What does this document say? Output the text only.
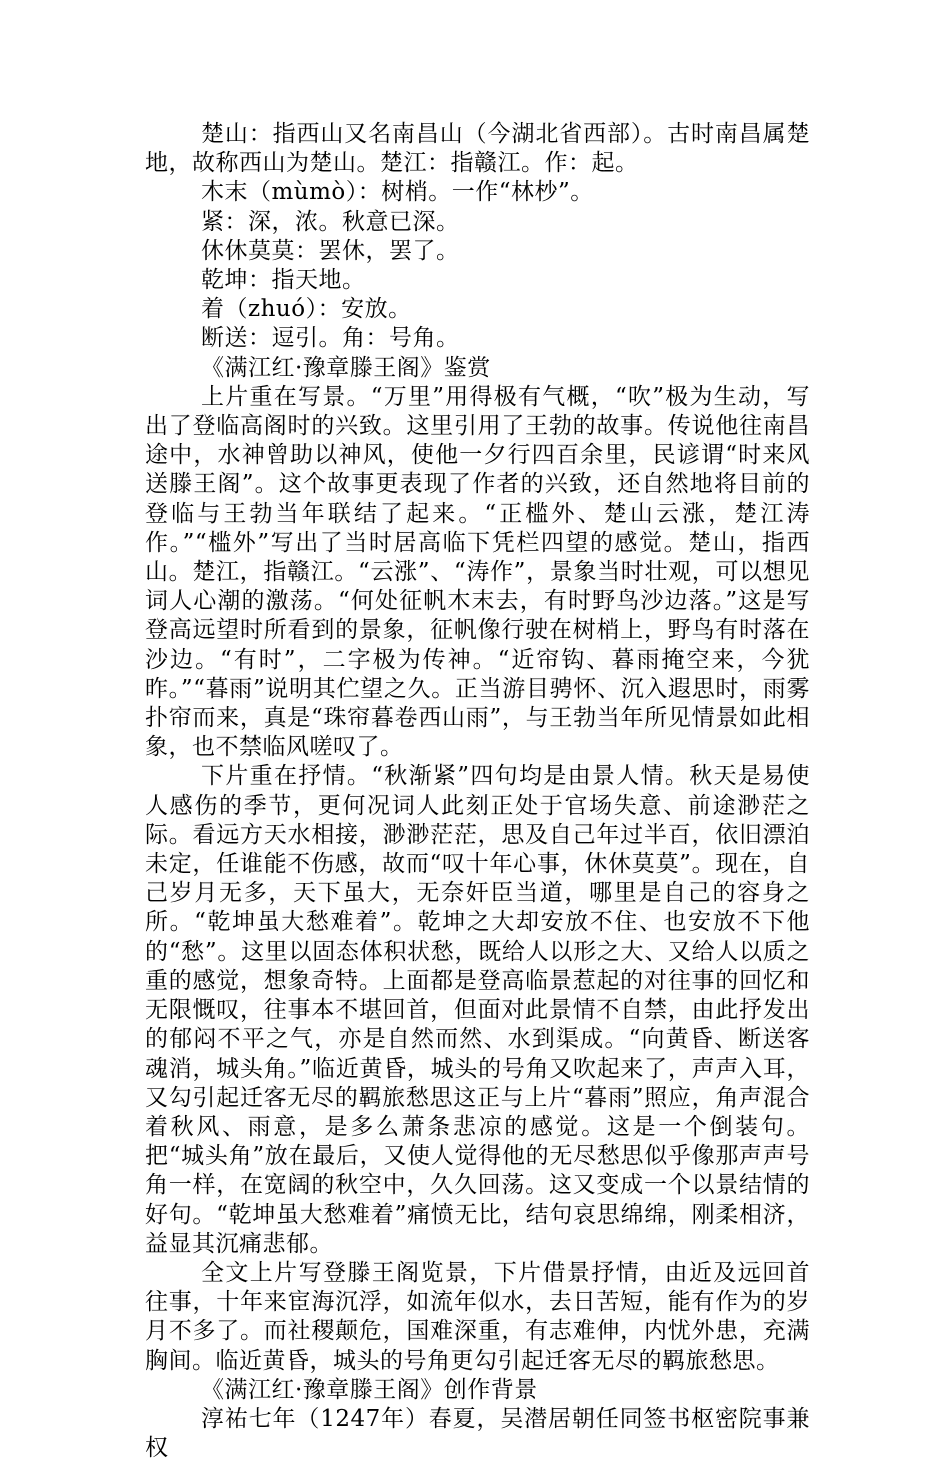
楚山：指西山又名南昌山（今湖北省西部）。古时南昌属楚地，故称西山为楚山。楚江：指赣江。作：起。

木末（mùmò）：树梢。一作“林杪”。

紧：深，浓。秋意已深。

休休莫莫：罢休，罢了。

乾坤：指天地。

着（zhuó）：安放。

断送：逗引。角：号角。

《满江红·豫章滕王阁》鉴赏

上片重在写景。“万里”用得极有气概，“吹”极为生动，写出了登临高阁时的兴致。这里引用了王勃的故事。传说他往南昌途中，水神曾助以神风，使他一夕行四百余里，民谚谓“时来风送滕王阁”。这个故事更表现了作者的兴致，还自然地将目前的登临与王勃当年联结了起来。“正槛外、楚山云涨，楚江涛作。”“槛外”写出了当时居高临下凭栏四望的感觉。楚山，指西山。楚江，指赣江。“云涨”、“涛作”，景象当时壮观，可以想见词人心潮的激荡。“何处征帆木末去，有时野鸟沙边落。”这是写登高远望时所看到的景象，征帆像行驶在树梢上，野鸟有时落在沙边。“有时”，二字极为传神。“近帘钩、暮雨掩空来，今犹昨。”“暮雨”说明其伫望之久。正当游目骋怀、沉入遐思时，雨雾扑帘而来，真是“珠帘暮卷西山雨”，与王勃当年所见情景如此相象，也不禁临风嗟叹了。

下片重在抒情。“秋渐紧”四句均是由景人情。秋天是易使人感伤的季节，更何况词人此刻正处于官场失意、前途渺茫之际。看远方天水相接，渺渺茫茫，思及自己年过半百，依旧漂泊未定，任谁能不伤感，故而“叹十年心事，休休莫莫”。现在，自己岁月无多，天下虽大，无奈奸臣当道，哪里是自己的容身之所。“乾坤虽大愁难着”。乾坤之大却安放不住、也安放不下他的“愁”。这里以固态体积状愁，既给人以形之大、又给人以质之重的感觉，想象奇特。上面都是登高临景惹起的对往事的回忆和无限慨叹，往事本不堪回首，但面对此景情不自禁，由此抒发出的郁闷不平之气，亦是自然而然、水到渠成。“向黄昏、断送客魂消，城头角。”临近黄昏，城头的号角又吹起来了，声声入耳，又勾引起迁客无尽的羁旅愁思这正与上片“暮雨”照应，角声混合着秋风、雨意，是多么萧条悲凉的感觉。这是一个倒装句。把“城头角”放在最后，又使人觉得他的无尽愁思似乎像那声声号角一样，在宽阔的秋空中，久久回荡。这又变成一个以景结情的好句。“乾坤虽大愁难着”痛愤无比，结句哀思绵绵，刚柔相济，益显其沉痛悲郁。

全文上片写登滕王阁览景，下片借景抒情，由近及远回首往事，十年来宦海沉浮，如流年似水，去日苦短，能有作为的岁月不多了。而社稷颠危，国难深重，有志难伸，内忧外患，充满胸间。临近黄昏，城头的号角更勾引起迁客无尽的羁旅愁思。

《满江红·豫章滕王阁》创作背景

淳祐七年（1247年）春夏，吴潜居朝任同签书枢密院事兼权
